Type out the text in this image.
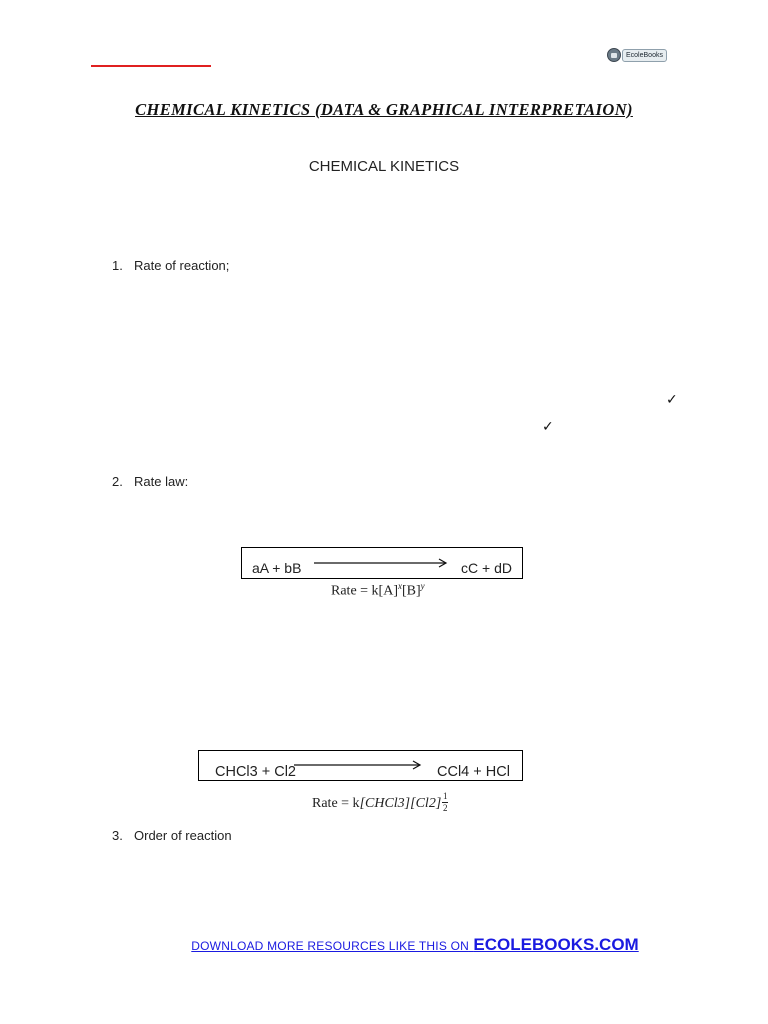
EcoleBooks
CHEMICAL KINETICS (DATA & GRAPHICAL INTERPRETAION)
CHEMICAL KINETICS
1. Rate of reaction;
✓
✓
2. Rate law:
aA + bB	cC + dD
Rate = $k[A]^x[B]^y$
CHCl3 + Cl2	CCl4 + HCl
Rate = k[CHCl3][Cl2] $\frac{1}{2}$
3. Order of reaction
DOWNLOAD MORE RESOURCES LIKE THIS ON ECOLEBOOKS.COM
